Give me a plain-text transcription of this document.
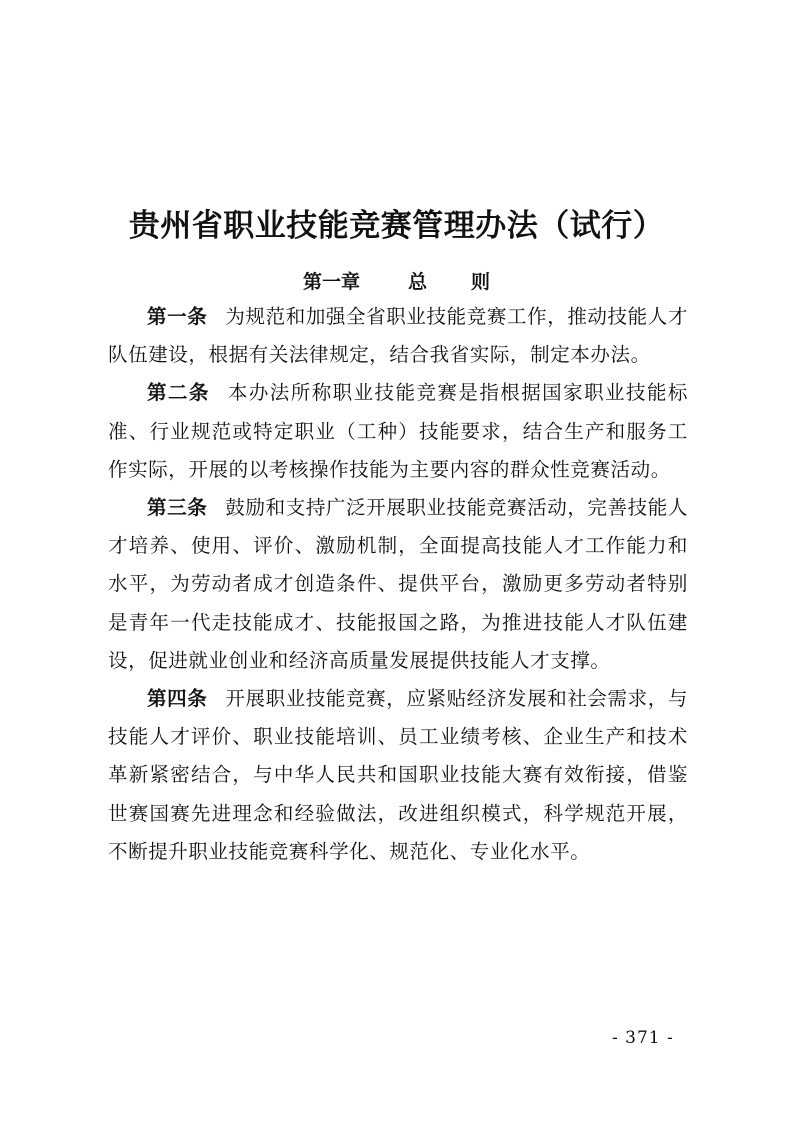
贵州省职业技能竞赛管理办法（试行）
第一章	总 则

第一条 为规范和加强全省职业技能竞赛工作，推动技能人才队伍建设，根据有关法律规定，结合我省实际，制定本办法。

第二条 本办法所称职业技能竞赛是指根据国家职业技能标准、行业规范或特定职业（工种）技能要求，结合生产和服务工作实际，开展的以考核操作技能为主要内容的群众性竞赛活动。

第三条 鼓励和支持广泛开展职业技能竞赛活动，完善技能人才培养、使用、评价、激励机制，全面提高技能人才工作能力和水平，为劳动者成才创造条件、提供平台，激励更多劳动者特别是青年一代走技能成才、技能报国之路，为推进技能人才队伍建设，促进就业创业和经济高质量发展提供技能人才支撑。

第四条 开展职业技能竞赛，应紧贴经济发展和社会需求，与技能人才评价、职业技能培训、员工业绩考核、企业生产和技术革新紧密结合，与中华人民共和国职业技能大赛有效衔接，借鉴世赛国赛先进理念和经验做法，改进组织模式，科学规范开展，不断提升职业技能竞赛科学化、规范化、专业化水平。

- 371 -
